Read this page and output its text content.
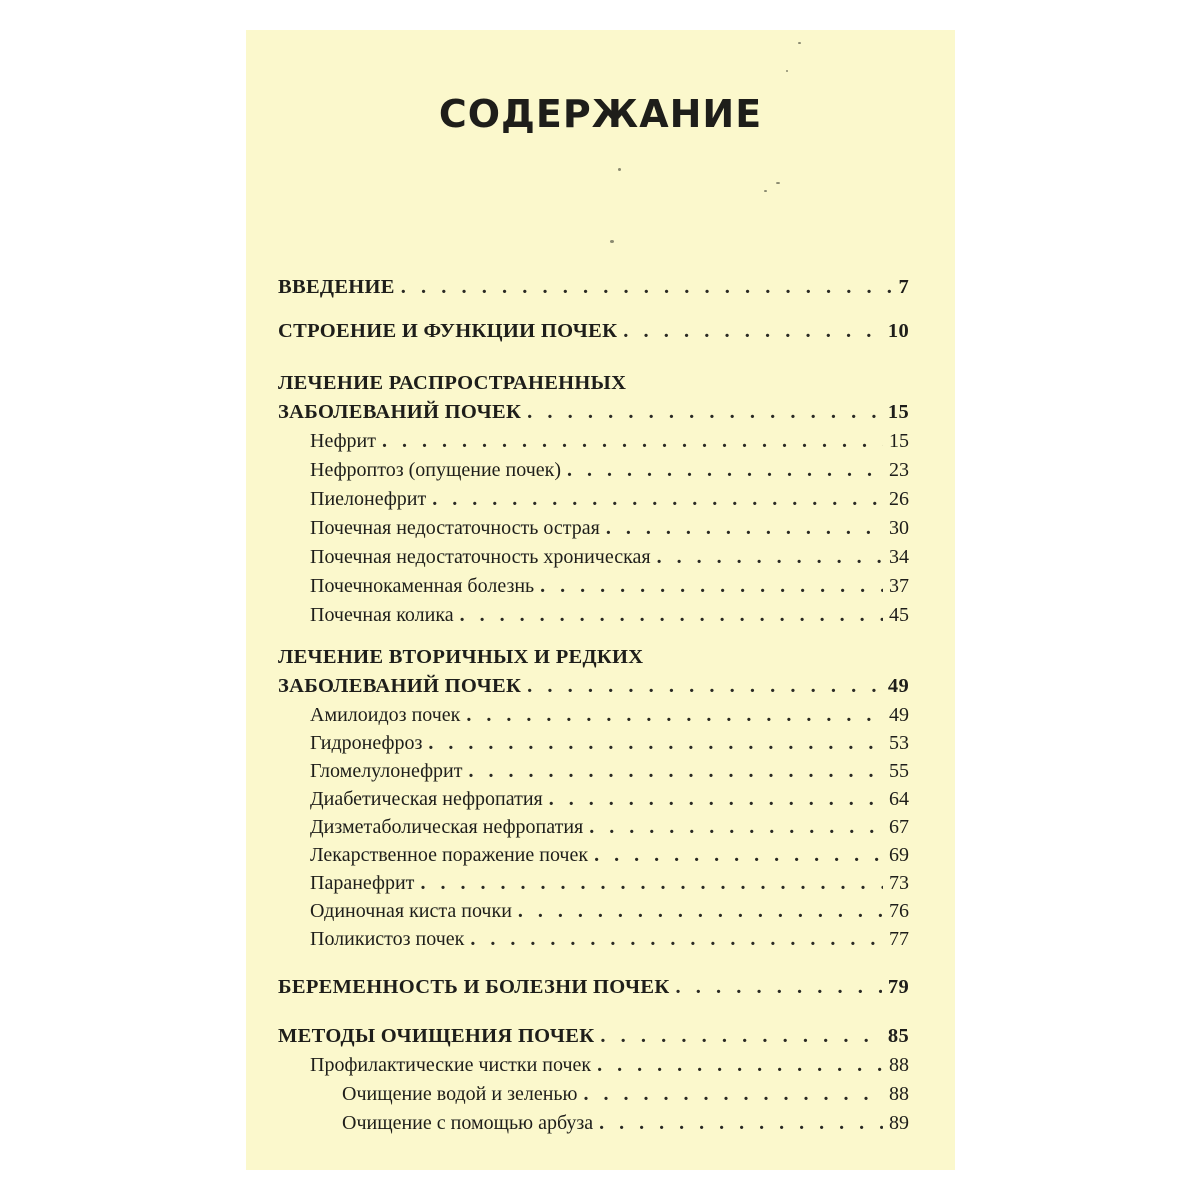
СОДЕРЖАНИЕ
ВВЕДЕНИЕ . . .	7
СТРОЕНИЕ И ФУНКЦИИ ПОЧЕК . . .	10
ЛЕЧЕНИЕ РАСПРОСТРАНЕННЫХ
ЗАБОЛЕВАНИЙ ПОЧЕК . . .	15
Нефрит . . .	15
Нефроптоз (опущение почек) . . .	23
Пиелонефрит . . .	26
Почечная недостаточность острая . . .	30
Почечная недостаточность хроническая . . .	34
Почечнокаменная болезнь . . .	37
Почечная колика . . .	45
ЛЕЧЕНИЕ ВТОРИЧНЫХ И РЕДКИХ
ЗАБОЛЕВАНИЙ ПОЧЕК . . .	49
Амилоидоз почек . . .	49
Гидронефроз . . .	53
Гломелулонефрит . . .	55
Диабетическая нефропатия . . .	64
Дизметаболическая нефропатия . . .	67
Лекарственное поражение почек . . .	69
Паранефрит . . .	73
Одиночная киста почки . . .	76
Поликистоз почек . . .	77
БЕРЕМЕННОСТЬ И БОЛЕЗНИ ПОЧЕК . . .	79
МЕТОДЫ ОЧИЩЕНИЯ ПОЧЕК . . .	85
Профилактические чистки почек . . .	88
Очищение водой и зеленью . . .	88
Очищение с помощью арбуза . . .	89
